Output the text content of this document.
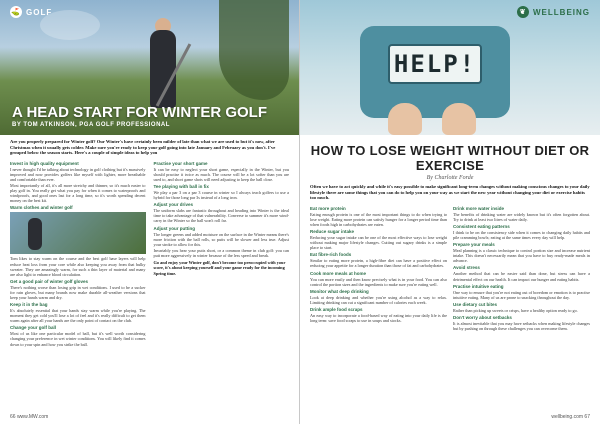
⛳ GOLF
A HEAD START FOR WINTER GOLF
BY TOM ATKINSON, PGA GOLF PROFESSIONAL
Are you properly prepared for Winter golf? Our Winter's have certainly been milder of late than what we are used to but it's now, after Christmas when it usually gets colder. Make sure you're ready to keep your golf going into late January and February as you don't. I've grouped below the season starts. Here's a couple of simple ideas to help you
Invest in high quality equipment
I never thought I'd be talking about technology in golf clothing but it's massively improved and now provides golfers like myself with lighter, more breathable and comfortable than ever.
Most importantly of all, it's all more stretchy and thinner, so it's much easier to play golf in. You really get what you pay for when it comes to waterproofs and windproofs, and good ones last for a long time, so it's worth spending decent money on the best kit.
Warm clothes and winter golf
Tom likes to stay warm on the course and the best golf base layers will help reduce heat loss from your core while also keeping you away from that bulky sweater. They are amazingly warm, for such a thin layer of material and many are also light to enhance blood circulation.
Get a good pair of winter golf gloves
There's nothing worse than losing grip in wet conditions. I used to be a sucker for rain gloves, but many brands now make durable all-weather versions that keep your hands warm and dry.
Keep it in the bag
It's absolutely essential that your hands stay warm while you're playing. The moment they get cold you'll lose a lot of feel and it's really difficult to get them warm again after all your hands are the only point of contact on the club.
Change your golf ball
Most of us like one particular model of ball, but it's well worth considering changing your preference in wet winter conditions. You will likely find it comes down to your spin and how you strike the ball.
Practise your short game
It can be easy to neglect your short game, especially in the Winter, but you should practise it twice as much. The course will be a lot softer than you are used to, and short game shots will need adjusting to keep the ball close.
Tee playing with ball in fix
We play a par 3 on a par 3 course in winter so I always teach golfers to use a hybrid for those long par 3s instead of a long iron.
Adjust your drives
The uniform slabs are fantastic throughout and heading into Winter is the ideal time to take advantage of that vulnerability. Converse to summer it's more wind-carry in the Winter so the ball won't roll far.
Adjust your putting
The longer greens and added moisture on the surface in the Winter means there's more friction with the ball rolls, so putts will be slower and less true. Adjust your stroke to allow for this.
Invariably you hear your putts short, or a common theme in club golf: you can putt more aggressively in winter because of the less speed and break.
Go and enjoy your Winter golf, don't become too preoccupied with your score, it's about keeping yourself and your game ready for the incoming Spring time.
66 www.MW.com
HELP!
❦ WELLBEING
HOW TO LOSE WEIGHT WITHOUT DIET OR EXERCISE
By Charlotte Forde
Often we have to act quickly and while it's easy possible to make significant long-term changes without making conscious changes to your daily lifestyle there are some things that you can do to help you on your way as we start the new year without changing your diet or exercise habits too much.
Eat more protein
Eating enough protein is one of the most important things to do when trying to lose weight. Eating more protein can satisfy hunger for a longer period time than when foods high in carbohydrates are eaten.
Reduce sugar intake
Reducing your sugar intake can be one of the most effective ways to lose weight without making major lifestyle changes. Cutting out sugary drinks is a simple place to start.
Eat fibre-rich foods
Similar to eating more protein, a high-fibre diet can have a positive effect on reducing your appetite for a longer duration than those of fat and carbohydrates.
Cook more meals at home
You can more easily and then know precisely what is in your food. You can also control the portion sizes and the ingredients to make sure you're eating well.
Monitor what deep drinking
Look at deep drinking and whether you're using alcohol as a way to relax. Limiting drinking can cut a significant number of calories each week.
Drink ample food scraps
An easy way to incorporate a food-based way of eating into your daily life is the long term: save food scraps to use in soups and stocks.
Drink more water inside
The benefits of drinking water are widely known but it's often forgotten about. Try to drink at least two litres of water daily.
Consistent eating patterns
I think to be on the consistency side when it comes to changing daily habits and pile cramming bowls; eating at the same times every day will help.
Prepare your meals
Meal planning is a classic technique to control portion size and increase nutrient intake. This doesn't necessarily mean that you have to buy ready-made meals in advance.
Avoid stress
Another method that can be easier said than done, but stress can have a detrimental effect on our health. It can impact our hunger and eating habits.
Practise intuitive eating
One way to ensure that you're not eating out of boredom or emotion is to practise intuitive eating. Many of us are prone to snacking throughout the day.
Use dietary cut bites
Rather than picking up sweets or crisps, have a healthy option ready to go.
Don't worry about setbacks
It is almost inevitable that you may have setbacks when making lifestyle changes but by pushing on through these challenges you can overcome them.
wellbeing.com 67
